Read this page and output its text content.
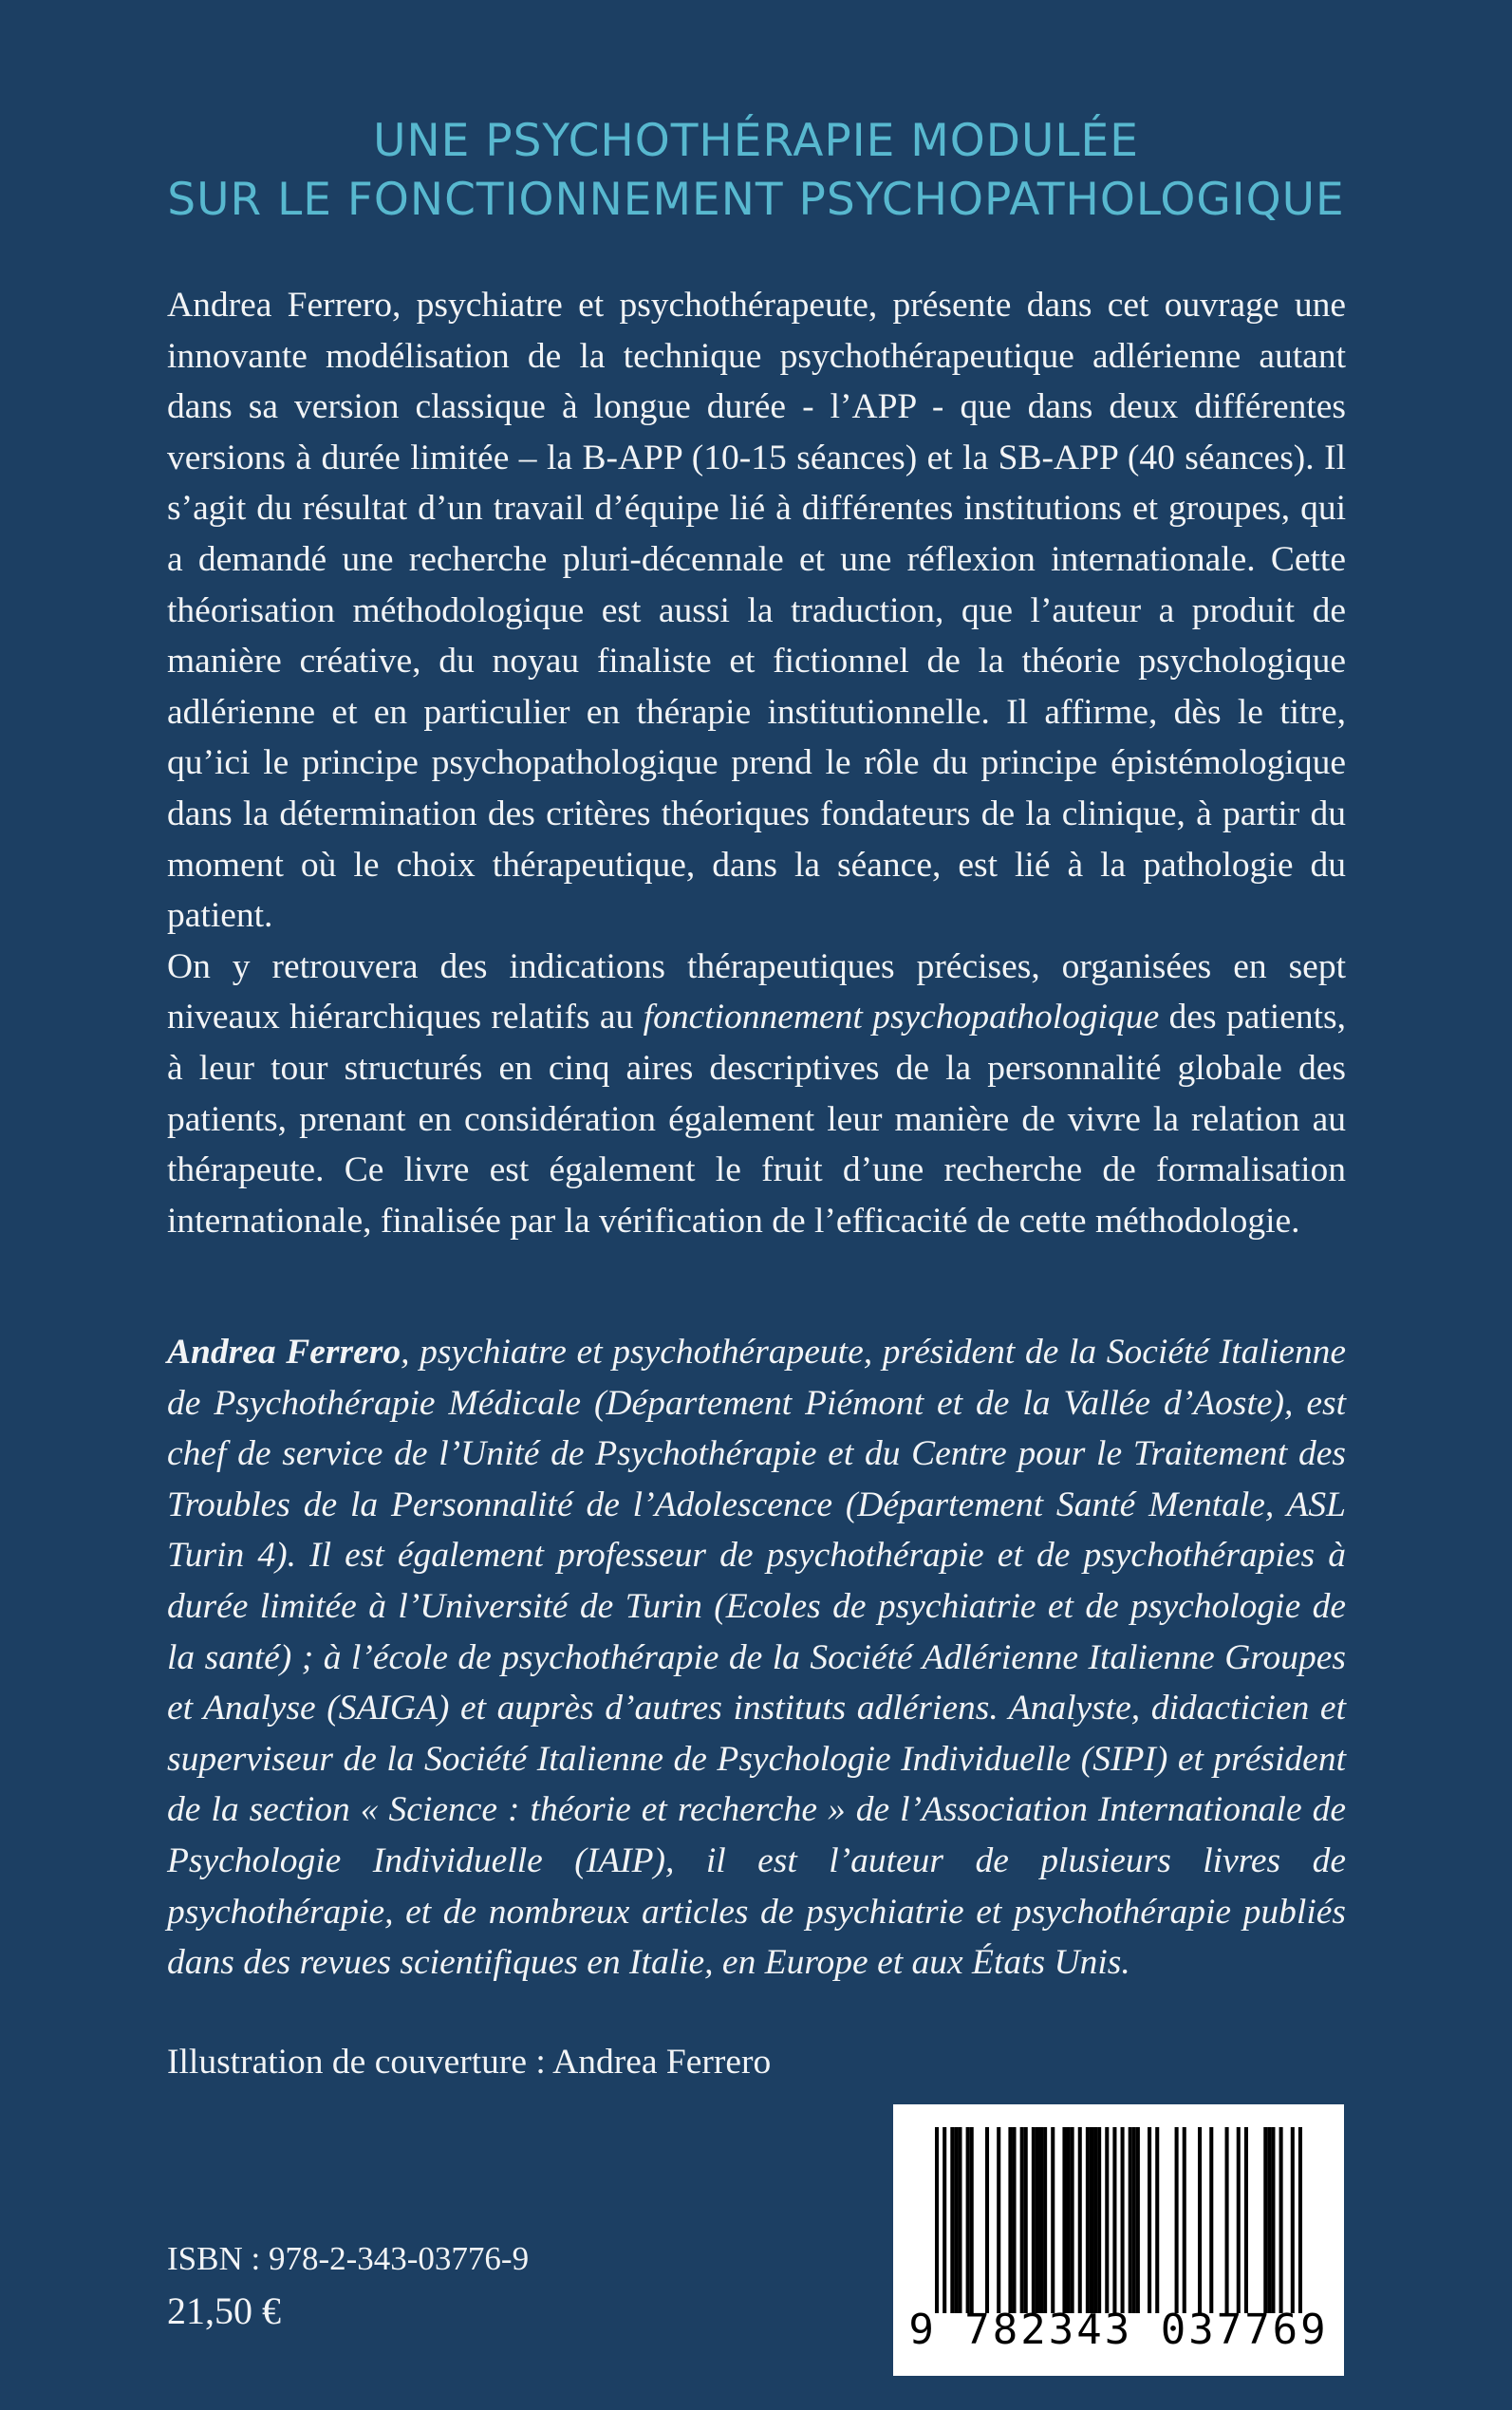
UNE PSYCHOTHÉRAPIE MODULÉE
SUR LE FONCTIONNEMENT PSYCHOPATHOLOGIQUE

Andrea Ferrero, psychiatre et psychothérapeute, présente dans cet ouvrage une innovante modélisation de la technique psychothérapeutique adlérienne autant dans sa version classique à longue durée - l’APP - que dans deux différentes versions à durée limitée – la B-APP (10-15 séances) et la SB-APP (40 séances). Il s’agit du résultat d’un travail d’équipe lié à différentes institutions et groupes, qui a demandé une recherche pluri-décennale et une réflexion internationale. Cette théorisation méthodologique est aussi la traduction, que l’auteur a produit de manière créative, du noyau finaliste et fictionnel de la théorie psychologique adlérienne et en particulier en thérapie institutionnelle. Il affirme, dès le titre, qu’ici le principe psychopathologique prend le rôle du principe épistémologique dans la détermination des critères théoriques fondateurs de la clinique, à partir du moment où le choix thérapeutique, dans la séance, est lié à la pathologie du patient.

On y retrouvera des indications thérapeutiques précises, organisées en sept niveaux hiérarchiques relatifs au fonctionnement psychopathologique des patients, à leur tour structurés en cinq aires descriptives de la personnalité globale des patients, prenant en considération également leur manière de vivre la relation au thérapeute. Ce livre est également le fruit d’une recherche de formalisation internationale, finalisée par la vérification de l’efficacité de cette méthodologie.

Andrea Ferrero, psychiatre et psychothérapeute, président de la Société Italienne de Psychothérapie Médicale (Département Piémont et de la Vallée d’Aoste), est chef de service de l’Unité de Psychothérapie et du Centre pour le Traitement des Troubles de la Personnalité de l’Adolescence (Département Santé Mentale, ASL Turin 4). Il est également professeur de psychothérapie et de psychothérapies à durée limitée à l’Université de Turin (Ecoles de psychiatrie et de psychologie de la santé) ; à l’école de psychothérapie de la Société Adlérienne Italienne Groupes et Analyse (SAIGA) et auprès d’autres instituts adlériens. Analyste, didacticien et superviseur de la Société Italienne de Psychologie Individuelle (SIPI) et président de la section « Science : théorie et recherche » de l’Association Internationale de Psychologie Individuelle (IAIP), il est l’auteur de plusieurs livres de psychothérapie, et de nombreux articles de psychiatrie et psychothérapie publiés dans des revues scientifiques en Italie, en Europe et aux États Unis.

Illustration de couverture : Andrea Ferrero
ISBN : 978-2-343-03776-9
21,50 €	9 782343 037769
